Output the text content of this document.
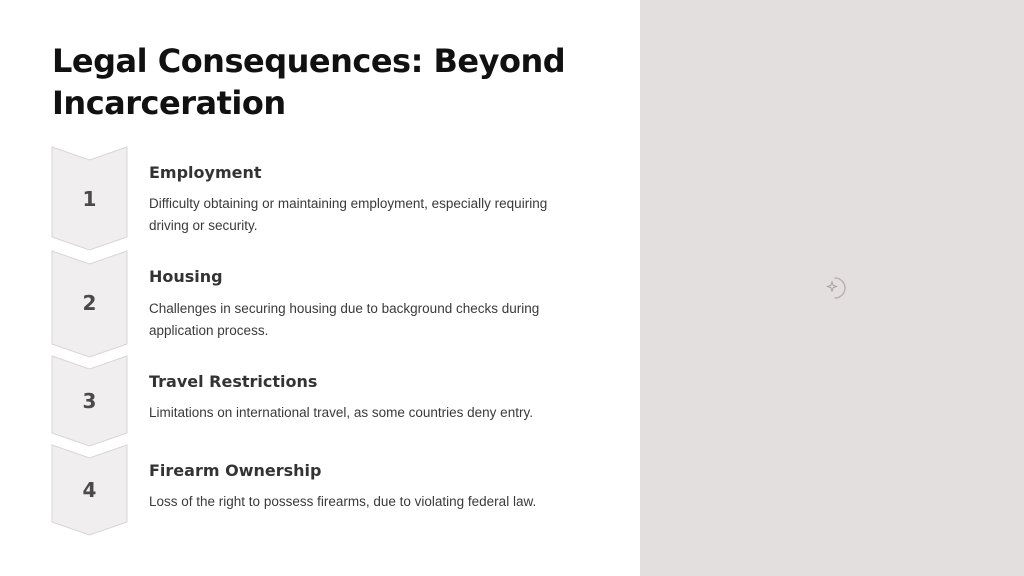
Legal Consequences: Beyond Incarceration
1
Employment

Difficulty obtaining or maintaining employment, especially requiring driving or security.

2
Housing

Challenges in securing housing due to background checks during application process.

3
Travel Restrictions

Limitations on international travel, as some countries deny entry.

4
Firearm Ownership

Loss of the right to possess firearms, due to violating federal law.
